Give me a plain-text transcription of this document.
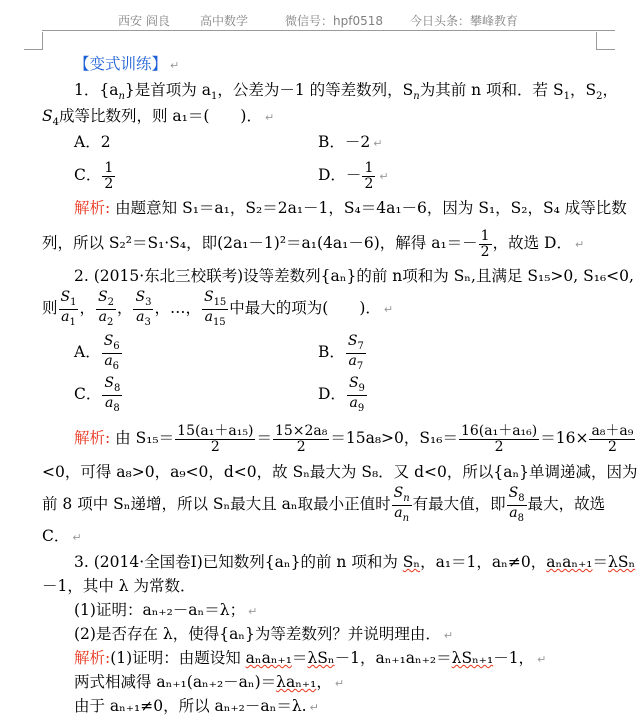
西安 阎良	高中数学	微信号：hpf0518 今日头条：攀峰教育
【变式训练】 ↵
1．$\{a_n\}$是首项为 $a_1$，公差为－1 的等差数列，$S_n$为其前 n 项和．若 $S_1$，$S_2$，
$S_4$成等比数列，则 a₁＝(　　)． ↵
A．2	B．－2 ↵
C． $\frac{1}{2}$	D．－ $\frac{1}{2}$ ↵
解析: 由题意知 S₁＝a₁，S₂＝2a₁－1，S₄＝4a₁－6，因为 S₁，S₂，S₄ 成等比数
列，所以 S₂²＝S₁·S₄，即(2a₁－1)²＝a₁(4a₁－6)，解得 $a_1=- \frac{1}{2}$ ，故选 D． ↵
2. (2015·东北三校联考)设等差数列{aₙ}的前 n项和为 Sₙ,且满足 S₁₅>0, S₁₆<0,
则 $\frac{S_1}{a_1}$ ， $\frac{S_2}{a_2}$ ， $\frac{S_3}{a_3}$ ，…， $\frac{S_{15}}{a_{15}}$ 中最大的项为(　　)． ↵
A． $\frac{S_6}{a_6}$	B． $\frac{S_7}{a_7}$
C． $\frac{S_8}{a_8}$	D． $\frac{S_9}{a_9}$
解析: 由 $S_{15}= \frac{\text{15(a₁＋a₁₅)}}{2} = \frac{\text{15×2a₈}}{2} =15a_8>0$，$S_{16}= \frac{\text{16(a₁＋a₁₆)}}{2} =16\times \frac{\text{a₈＋a₉}}{2}$
<0，可得 a₈>0，a₉<0，d<0，故 Sₙ最大为 S₈．又 d<0，所以{aₙ}单调递减，因为
前 8 项中 Sₙ递增，所以 Sₙ最大且 aₙ取最小正值时 $\frac{S_n}{a_n}$ 有最大值，即 $\frac{S_8}{a_8}$ 最大，故选
C． ↵
3. (2014·全国卷Ⅰ)已知数列{aₙ}的前 n 项和为 Sₙ，a₁＝1，aₙ≠0，aₙaₙ₊₁＝λSₙ
－1，其中 λ 为常数．
(1)证明：aₙ₊₂－aₙ＝λ； ↵
(2)是否存在 λ，使得{aₙ}为等差数列？并说明理由． ↵
解析:(1)证明：由题设知 aₙaₙ₊₁＝λSₙ－1，aₙ₊₁aₙ₊₂＝λSₙ₊₁－1， ↵
两式相减得 aₙ₊₁(aₙ₊₂－aₙ)＝λaₙ₊₁， ↵
由于 aₙ₊₁≠0，所以 aₙ₊₂－aₙ＝λ. ↵
